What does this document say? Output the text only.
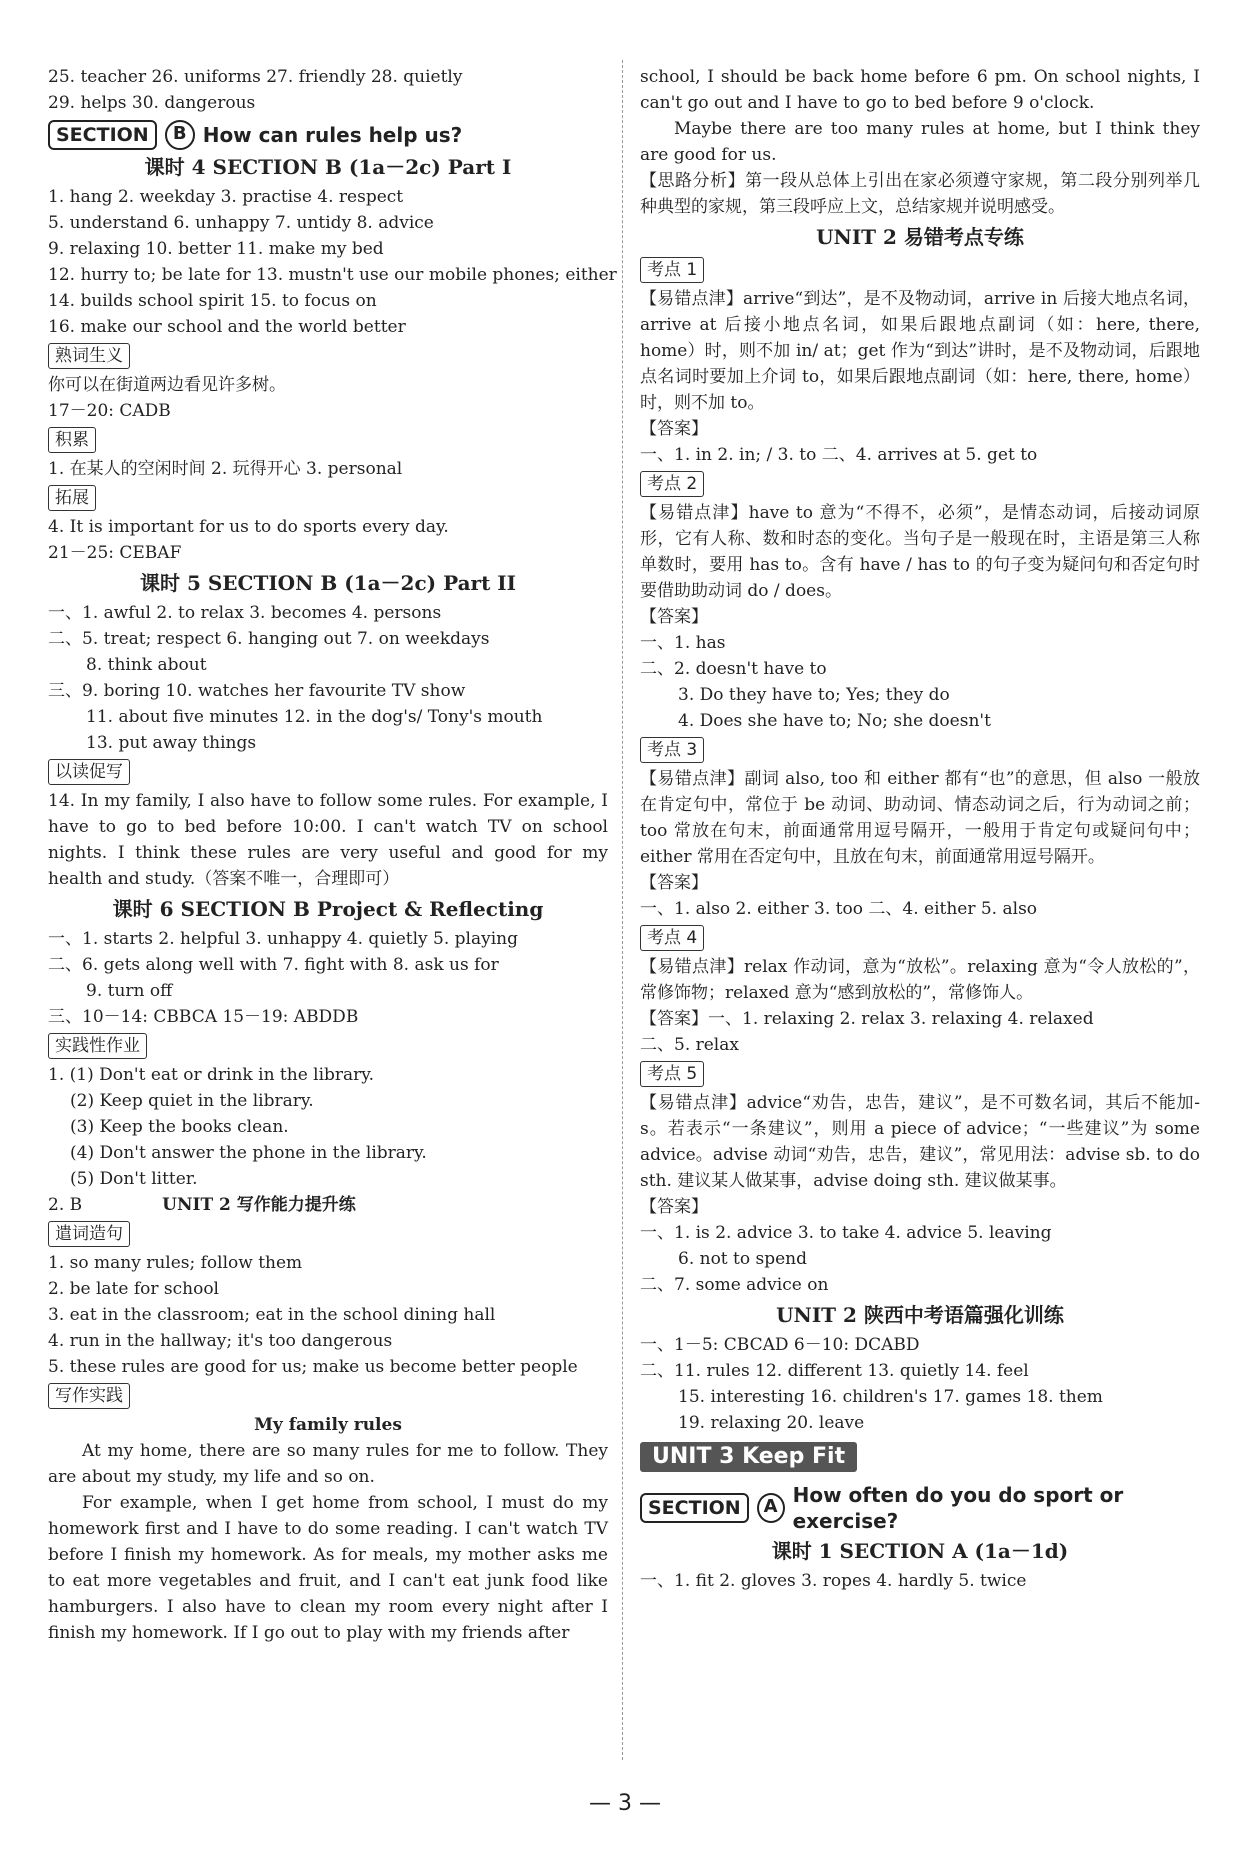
25. teacher 26. uniforms 27. friendly 28. quietly
29. helps 30. dangerous
SECTION	B How can rules help us?
课时 4 SECTION B (1a－2c) Part I
1. hang 2. weekday 3. practise 4. respect
5. understand 6. unhappy 7. untidy 8. advice
9. relaxing 10. better 11. make my bed
12. hurry to; be late for 13. mustn't use our mobile phones; either
14. builds school spirit 15. to focus on
16. make our school and the world better
熟词生义
你可以在街道两边看见许多树。
17－20: CADB
积累
1. 在某人的空闲时间 2. 玩得开心 3. personal
拓展
4. It is important for us to do sports every day.
21－25: CEBAF
课时 5 SECTION B (1a－2c) Part II
一、1. awful 2. to relax 3. becomes 4. persons
二、5. treat; respect 6. hanging out 7. on weekdays
8. think about
三、9. boring 10. watches her favourite TV show
11. about five minutes 12. in the dog's/ Tony's mouth
13. put away things
以读促写
14. In my family, I also have to follow some rules. For example, I have to go to bed before 10:00. I can't watch TV on school nights. I think these rules are very useful and good for my health and study.（答案不唯一，合理即可）
课时 6 SECTION B Project & Reflecting
一、1. starts 2. helpful 3. unhappy 4. quietly 5. playing
二、6. gets along well with 7. fight with 8. ask us for
9. turn off
三、10－14: CBBCA 15－19: ABDDB
实践性作业
1. (1) Don't eat or drink in the library.
(2) Keep quiet in the library.
(3) Keep the books clean.
(4) Don't answer the phone in the library.
(5) Don't litter.
2. B	UNIT 2 写作能力提升练
遣词造句
1. so many rules; follow them
2. be late for school
3. eat in the classroom; eat in the school dining hall
4. run in the hallway; it's too dangerous
5. these rules are good for us; make us become better people
写作实践
My family rules
At my home, there are so many rules for me to follow. They are about my study, my life and so on.
For example, when I get home from school, I must do my homework first and I have to do some reading. I can't watch TV before I finish my homework. As for meals, my mother asks me to eat more vegetables and fruit, and I can't eat junk food like hamburgers. I also have to clean my room every night after I finish my homework. If I go out to play with my friends after
school, I should be back home before 6 pm. On school nights, I can't go out and I have to go to bed before 9 o'clock.
Maybe there are too many rules at home, but I think they are good for us.
【思路分析】第一段从总体上引出在家必须遵守家规，第二段分别列举几种典型的家规，第三段呼应上文，总结家规并说明感受。
UNIT 2 易错考点专练
考点 1
【易错点津】arrive“到达”，是不及物动词，arrive in 后接大地点名词，arrive at 后接小地点名词，如果后跟地点副词（如：here, there, home）时，则不加 in/ at；get 作为“到达”讲时，是不及物动词，后跟地点名词时要加上介词 to，如果后跟地点副词（如：here, there, home）时，则不加 to。
【答案】
一、1. in 2. in; / 3. to 二、4. arrives at 5. get to
考点 2
【易错点津】have to 意为“不得不，必须”，是情态动词，后接动词原形，它有人称、数和时态的变化。当句子是一般现在时，主语是第三人称单数时，要用 has to。含有 have / has to 的句子变为疑问句和否定句时要借助助动词 do / does。
【答案】
一、1. has
二、2. doesn't have to
3. Do they have to; Yes; they do
4. Does she have to; No; she doesn't
考点 3
【易错点津】副词 also, too 和 either 都有“也”的意思，但 also 一般放在肯定句中，常位于 be 动词、助动词、情态动词之后，行为动词之前；too 常放在句末，前面通常用逗号隔开，一般用于肯定句或疑问句中；either 常用在否定句中，且放在句末，前面通常用逗号隔开。
【答案】
一、1. also 2. either 3. too 二、4. either 5. also
考点 4
【易错点津】relax 作动词，意为“放松”。relaxing 意为“令人放松的”，常修饰物；relaxed 意为“感到放松的”，常修饰人。
【答案】一、1. relaxing 2. relax 3. relaxing 4. relaxed
二、5. relax
考点 5
【易错点津】advice“劝告，忠告，建议”，是不可数名词，其后不能加-s。若表示“一条建议”，则用 a piece of advice；“一些建议”为 some advice。advise 动词“劝告，忠告，建议”，常见用法：advise sb. to do sth. 建议某人做某事，advise doing sth. 建议做某事。
【答案】
一、1. is 2. advice 3. to take 4. advice 5. leaving
6. not to spend
二、7. some advice on
UNIT 2 陕西中考语篇强化训练
一、1－5: CBCAD 6－10: DCABD
二、11. rules 12. different 13. quietly 14. feel
15. interesting 16. children's 17. games 18. them
19. relaxing 20. leave
UNIT 3 Keep Fit
SECTION	A How often do you do sport or exercise?
课时 1 SECTION A (1a－1d)
一、1. fit 2. gloves 3. ropes 4. hardly 5. twice
— 3 —
